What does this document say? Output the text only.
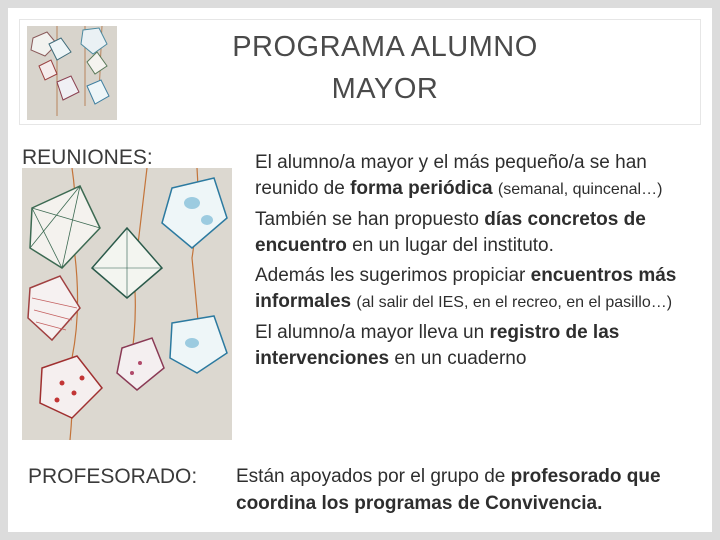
PROGRAMA ALUMNO
MAYOR
REUNIONES:	El alumno/a mayor y el más pequeño/a se han reunido de forma periódica (semanal, quincenal…)

También se han propuesto días concretos de encuentro en un lugar del instituto.

Además les sugerimos propiciar encuentros más informales (al salir del IES, en el recreo, en el pasillo…)

El alumno/a mayor lleva un registro de las intervenciones en un cuaderno

PROFESORADO: Están apoyados por el grupo de profesorado que coordina los programas de Convivencia.
